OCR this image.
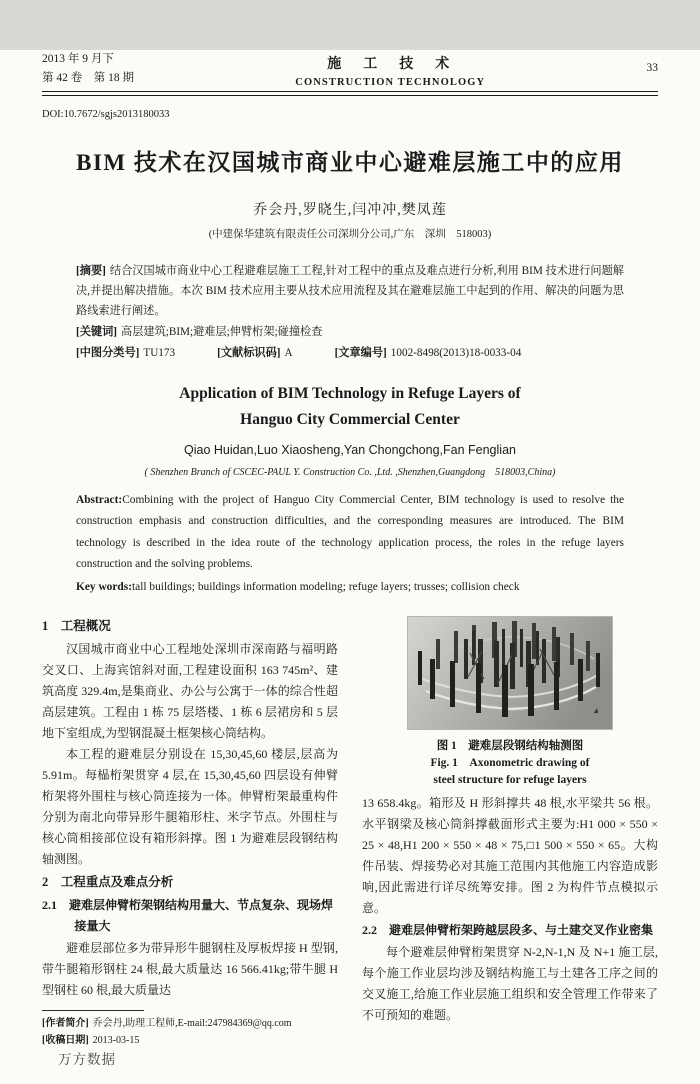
2013 年 9 月下
第 42 卷　第 18 期
施　工　技　术
CONSTRUCTION TECHNOLOGY
33
DOI:10.7672/sgjs2013180033
BIM 技术在汉国城市商业中心避难层施工中的应用
乔会丹,罗晓生,闫冲冲,樊凤莲
(中建保华建筑有限责任公司深圳分公司,广东　深圳　518003)

[摘要] 结合汉国城市商业中心工程避难层施工工程,针对工程中的重点及难点进行分析,利用 BIM 技术进行问题解决,并提出解决措施。本次 BIM 技术应用主要从技术应用流程及其在避难层施工中起到的作用、解决的问题为思路线索进行阐述。

[关键词] 高层建筑;BIM;避难层;伸臂桁架;碰撞检查

[中图分类号] TU173	[文献标识码] A	[文章编号] 1002-8498(2013)18-0033-04
Application of BIM Technology in Refuge Layers of
Hanguo City Commercial Center
Qiao Huidan,Luo Xiaosheng,Yan Chongchong,Fan Fenglian
( Shenzhen Branch of CSCEC-PAUL Y. Construction Co. ,Ltd. ,Shenzhen,Guangdong　518003,China)

Abstract:Combining with the project of Hanguo City Commercial Center, BIM technology is used to resolve the construction emphasis and construction difficulties, and the corresponding measures are introduced. The BIM technology is described in the idea route of the technology application process, the roles in the refuge layers construction and the solving problems.

Key words:tall buildings; buildings information modeling; refuge layers; trusses; collision check

1　工程概况

汉国城市商业中心工程地处深圳市深南路与福明路交叉口、上海宾馆斜对面,工程建设面积 163 745m²、建筑高度 329.4m,是集商业、办公与公寓于一体的综合性超高层建筑。工程由 1 栋 75 层塔楼、1 栋 6 层裙房和 5 层地下室组成,为型钢混凝土框架核心筒结构。

本工程的避难层分别设在 15,30,45,60 楼层,层高为 5.91m。每榀桁架贯穿 4 层,在 15,30,45,60 四层设有伸臂桁架将外围柱与核心筒连接为一体。伸臂桁架最重构件分别为南北向带异形牛腿箱形柱、米字节点。外围柱与核心筒相接部位设有箱形斜撑。图 1 为避难层段钢结构轴测图。

2　工程重点及难点分析
2.1　避难层伸臂桁架钢结构用量大、节点复杂、现场焊接量大

避难层部位多为带异形牛腿钢柱及厚板焊接 H 型钢,带牛腿箱形钢柱 24 根,最大质量达 16 566.41kg;带牛腿 H 型钢柱 60 根,最大质量达

[作者简介] 乔会丹,助理工程师,E-mail:247984369@qq.com

[收稿日期] 2013-03-15

图 1　避难层段钢结构轴测图
Fig. 1　Axonometric drawing of
steel structure for refuge layers

13 658.4kg。箱形及 H 形斜撑共 48 根,水平梁共 56 根。水平钢梁及核心筒斜撑截面形式主要为:H1 000 × 550 × 25 × 48,H1 200 × 550 × 48 × 75,□1 500 × 550 × 65。大构件吊装、焊接势必对其施工范围内其他施工内容造成影响,因此需进行详尽统筹安排。图 2 为构件节点模拟示意。

2.2　避难层伸臂桁架跨越层段多、与土建交叉作业密集

每个避难层伸臂桁架贯穿 N-2,N-1,N 及 N+1 施工层,每个施工作业层均涉及钢结构施工与土建各工序之间的交叉施工,给施工作业层施工组织和安全管理工作带来了不可预知的难题。

万方数据
